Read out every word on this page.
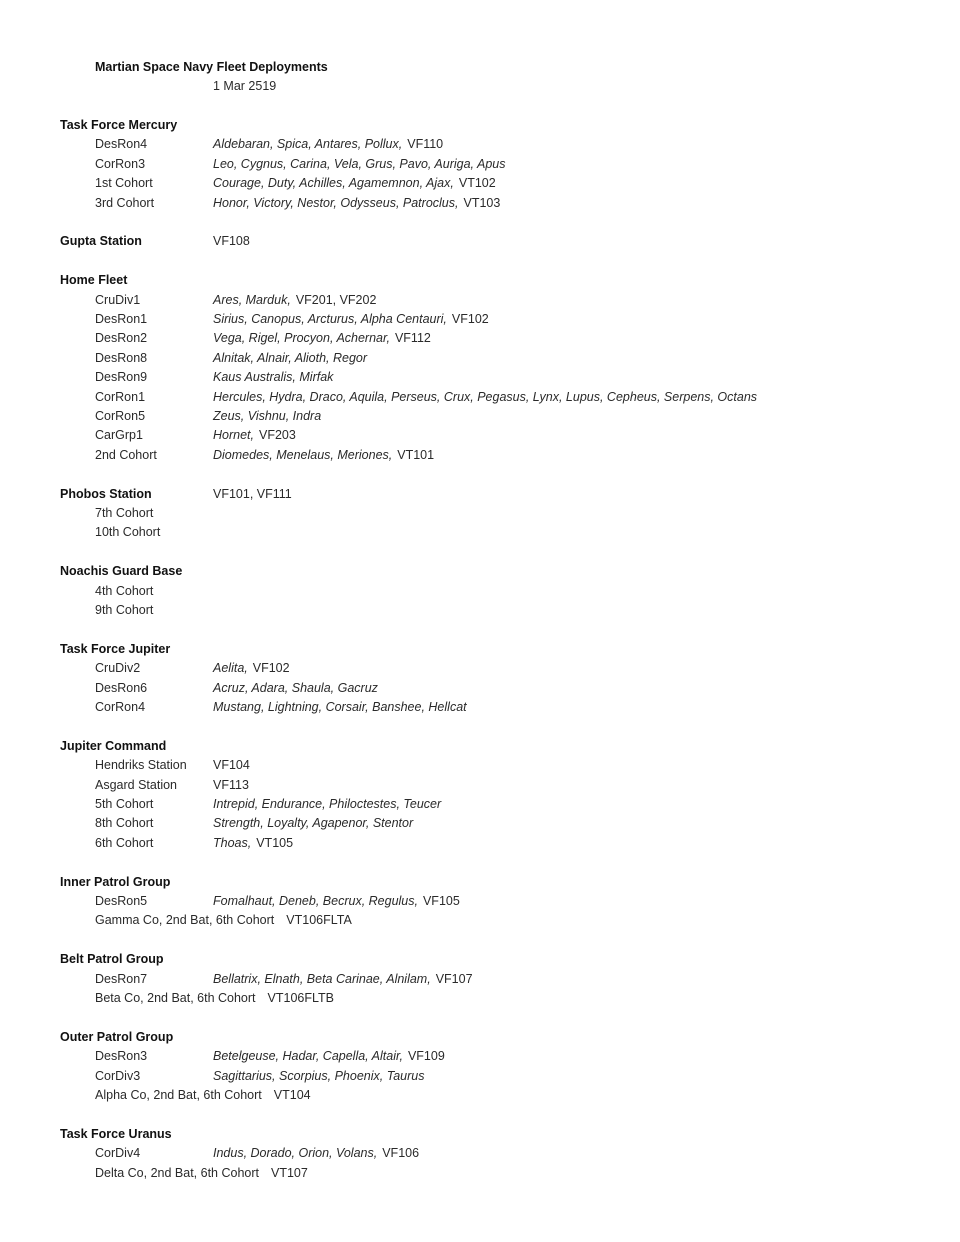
Martian Space Navy Fleet Deployments
1 Mar 2519
Task Force Mercury
DesRon4	Aldebaran, Spica, Antares, Pollux, VF110
CorRon3	Leo, Cygnus, Carina, Vela, Grus, Pavo, Auriga, Apus
1st Cohort	Courage, Duty, Achilles, Agamemnon, Ajax, VT102
3rd Cohort	Honor, Victory, Nestor, Odysseus, Patroclus, VT103
Gupta Station	VF108
Home Fleet
CruDiv1	Ares, Marduk, VF201, VF202
DesRon1	Sirius, Canopus, Arcturus, Alpha Centauri, VF102
DesRon2	Vega, Rigel, Procyon, Achernar, VF112
DesRon8	Alnitak, Alnair, Alioth, Regor
DesRon9	Kaus Australis, Mirfak
CorRon1	Hercules, Hydra, Draco, Aquila, Perseus, Crux, Pegasus, Lynx, Lupus, Cepheus, Serpens, Octans
CorRon5	Zeus, Vishnu, Indra
CarGrp1	Hornet, VF203
2nd Cohort	Diomedes, Menelaus, Meriones, VT101
Phobos Station	VF101, VF111
7th Cohort
10th Cohort
Noachis Guard Base
4th Cohort
9th Cohort
Task Force Jupiter
CruDiv2	Aelita, VF102
DesRon6	Acruz, Adara, Shaula, Gacruz
CorRon4	Mustang, Lightning, Corsair, Banshee, Hellcat
Jupiter Command
Hendriks Station VF104
Asgard Station	VF113
5th Cohort	Intrepid, Endurance, Philoctestes, Teucer
8th Cohort	Strength, Loyalty, Agapenor, Stentor
6th Cohort	Thoas, VT105
Inner Patrol Group
DesRon5	Fomalhaut, Deneb, Becrux, Regulus, VF105
Gamma Co, 2nd Bat, 6th Cohort VT106FLTA
Belt Patrol Group
DesRon7	Bellatrix, Elnath, Beta Carinae, Alnilam, VF107
Beta Co, 2nd Bat, 6th Cohort VT106FLTB
Outer Patrol Group
DesRon3	Betelgeuse, Hadar, Capella, Altair, VF109
CorDiv3	Sagittarius, Scorpius, Phoenix, Taurus
Alpha Co, 2nd Bat, 6th Cohort VT104
Task Force Uranus
CorDiv4	Indus, Dorado, Orion, Volans, VF106
Delta Co, 2nd Bat, 6th Cohort VT107
